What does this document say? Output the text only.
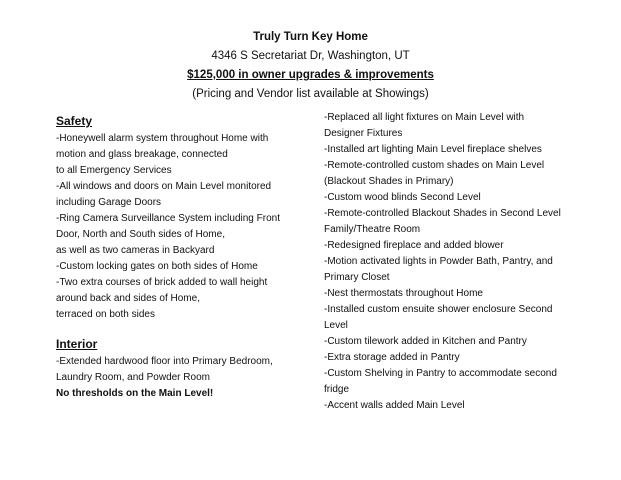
Truly Turn Key Home
4346 S Secretariat Dr, Washington, UT
$125,000 in owner upgrades & improvements
(Pricing and Vendor list available at Showings)
Safety
-Honeywell alarm system throughout Home with
motion and glass breakage, connected
to all Emergency Services
-All windows and doors on Main Level monitored
including Garage Doors
-Ring Camera Surveillance System including Front
Door, North and South sides of Home,
as well as two cameras in Backyard
-Custom locking gates on both sides of Home
-Two extra courses of brick added to wall height
around back and sides of Home,
terraced on both sides
Interior
-Extended hardwood floor into Primary Bedroom,
Laundry Room, and Powder Room
No thresholds on the Main Level!
-Replaced all light fixtures on Main Level with
Designer Fixtures
-Installed art lighting Main Level fireplace shelves
-Remote-controlled custom shades on Main Level
(Blackout Shades in Primary)
-Custom wood blinds Second Level
-Remote-controlled Blackout Shades in Second Level
Family/Theatre Room
-Redesigned fireplace and added blower
-Motion activated lights in Powder Bath, Pantry, and
Primary Closet
-Nest thermostats throughout Home
-Installed custom ensuite shower enclosure Second
Level
-Custom tilework added in Kitchen and Pantry
-Extra storage added in Pantry
-Custom Shelving in Pantry to accommodate second
fridge
-Accent walls added Main Level
